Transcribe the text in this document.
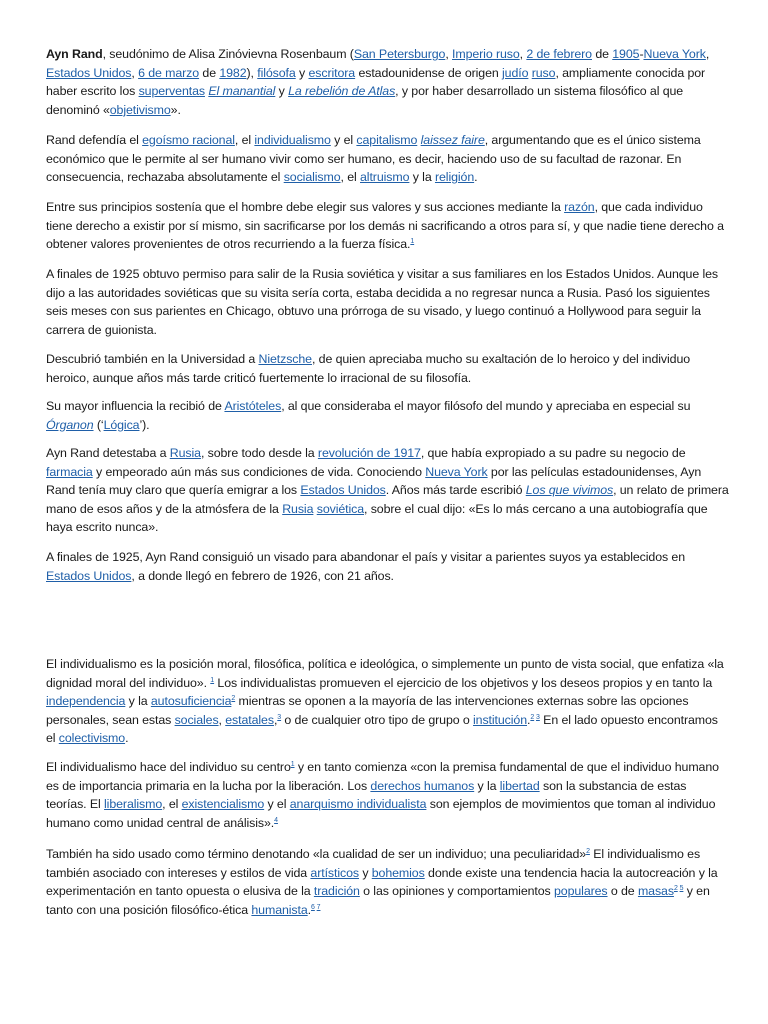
Ayn Rand, seudónimo de Alisa Zinóvievna Rosenbaum (San Petersburgo, Imperio ruso, 2 de febrero de 1905-Nueva York, Estados Unidos, 6 de marzo de 1982), filósofa y escritora estadounidense de origen judío ruso, ampliamente conocida por haber escrito los superventas El manantial y La rebelión de Atlas, y por haber desarrollado un sistema filosófico al que denominó «objetivismo».

Rand defendía el egoísmo racional, el individualismo y el capitalismo laissez faire, argumentando que es el único sistema económico que le permite al ser humano vivir como ser humano, es decir, haciendo uso de su facultad de razonar. En consecuencia, rechazaba absolutamente el socialismo, el altruismo y la religión.

Entre sus principios sostenía que el hombre debe elegir sus valores y sus acciones mediante la razón, que cada individuo tiene derecho a existir por sí mismo, sin sacrificarse por los demás ni sacrificando a otros para sí, y que nadie tiene derecho a obtener valores provenientes de otros recurriendo a la fuerza física.$^1$

A finales de 1925 obtuvo permiso para salir de la Rusia soviética y visitar a sus familiares en los Estados Unidos. Aunque les dijo a las autoridades soviéticas que su visita sería corta, estaba decidida a no regresar nunca a Rusia. Pasó los siguientes seis meses con sus parientes en Chicago, obtuvo una prórroga de su visado, y luego continuó a Hollywood para seguir la carrera de guionista.

Descubrió también en la Universidad a Nietzsche, de quien apreciaba mucho su exaltación de lo heroico y del individuo heroico, aunque años más tarde criticó fuertemente lo irracional de su filosofía.

Su mayor influencia la recibió de Aristóteles, al que consideraba el mayor filósofo del mundo y apreciaba en especial su Órganon (‘Lógica’).

Ayn Rand detestaba a Rusia, sobre todo desde la revolución de 1917, que había expropiado a su padre su negocio de farmacia y empeorado aún más sus condiciones de vida. Conociendo Nueva York por las películas estadounidenses, Ayn Rand tenía muy claro que quería emigrar a los Estados Unidos. Años más tarde escribió Los que vivimos, un relato de primera mano de esos años y de la atmósfera de la Rusia soviética, sobre el cual dijo: «Es lo más cercano a una autobiografía que haya escrito nunca».

A finales de 1925, Ayn Rand consiguió un visado para abandonar el país y visitar a parientes suyos ya establecidos en Estados Unidos, a donde llegó en febrero de 1926, con 21 años.

El individualismo es la posición moral, filosófica, política e ideológica, o simplemente un punto de vista social, que enfatiza «la dignidad moral del individuo». $^1$ Los individualistas promueven el ejercicio de los objetivos y los deseos propios y en tanto la independencia y la autosuficiencia$^2$ mientras se oponen a la mayoría de las intervenciones externas sobre las opciones personales, sean estas sociales, estatales,$^3$ o de cualquier otro tipo de grupo o institución.$^2$ $^3$ En el lado opuesto encontramos el colectivismo.

El individualismo hace del individuo su centro$^1$ y en tanto comienza «con la premisa fundamental de que el individuo humano es de importancia primaria en la lucha por la liberación. Los derechos humanos y la libertad son la substancia de estas teorías. El liberalismo, el existencialismo y el anarquismo individualista son ejemplos de movimientos que toman al individuo humano como unidad central de análisis».$^4$

También ha sido usado como término denotando «la cualidad de ser un individuo; una peculiaridad»$^2$ El individualismo es también asociado con intereses y estilos de vida artísticos y bohemios donde existe una tendencia hacia la autocreación y la experimentación en tanto opuesta o elusiva de la tradición o las opiniones y comportamientos populares o de masas$^2$ $^5$ y en tanto con una posición filosófico-ética humanista.$^6$ $^7$
